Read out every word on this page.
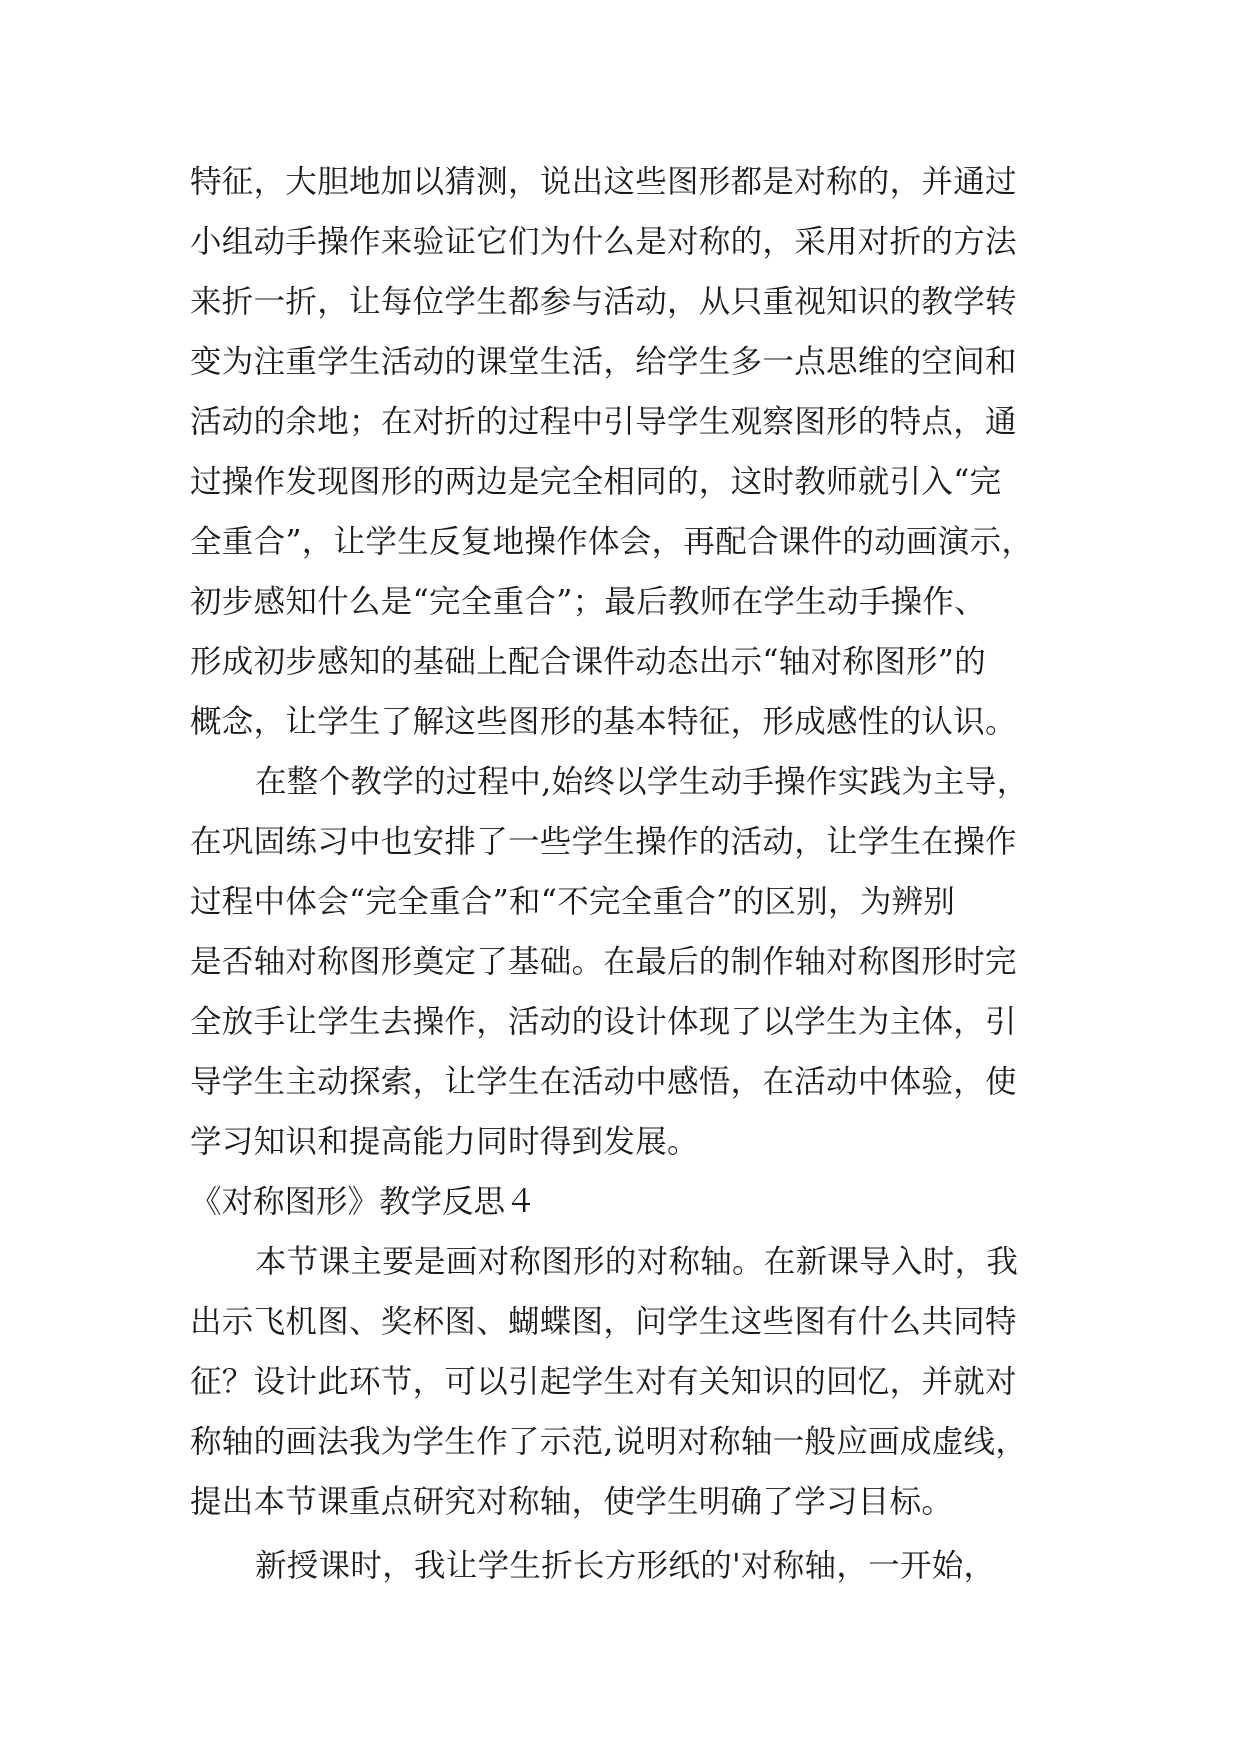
特征，大胆地加以猜测，说出这些图形都是对称的，并通过
小组动手操作来验证它们为什么是对称的，采用对折的方法
来折一折，让每位学生都参与活动，从只重视知识的教学转
变为注重学生活动的课堂生活，给学生多一点思维的空间和
活动的余地；在对折的过程中引导学生观察图形的特点，通
过操作发现图形的两边是完全相同的，这时教师就引入“完
全重合”，让学生反复地操作体会，再配合课件的动画演示，
初步感知什么是“完全重合”；最后教师在学生动手操作、
形成初步感知的基础上配合课件动态出示“轴对称图形”的
概念，让学生了解这些图形的基本特征，形成感性的认识。
在整个教学的过程中,始终以学生动手操作实践为主导，
在巩固练习中也安排了一些学生操作的活动，让学生在操作
过程中体会“完全重合”和“不完全重合”的区别，为辨别
是否轴对称图形奠定了基础。在最后的制作轴对称图形时完
全放手让学生去操作，活动的设计体现了以学生为主体，引
导学生主动探索，让学生在活动中感悟，在活动中体验，使
学习知识和提高能力同时得到发展。
《对称图形》教学反思４
本节课主要是画对称图形的对称轴。在新课导入时，我
出示飞机图、奖杯图、蝴蝶图，问学生这些图有什么共同特
征？设计此环节，可以引起学生对有关知识的回忆，并就对
称轴的画法我为学生作了示范,说明对称轴一般应画成虚线，
提出本节课重点研究对称轴，使学生明确了学习目标。
新授课时，我让学生折长方形纸的'对称轴，一开始，
